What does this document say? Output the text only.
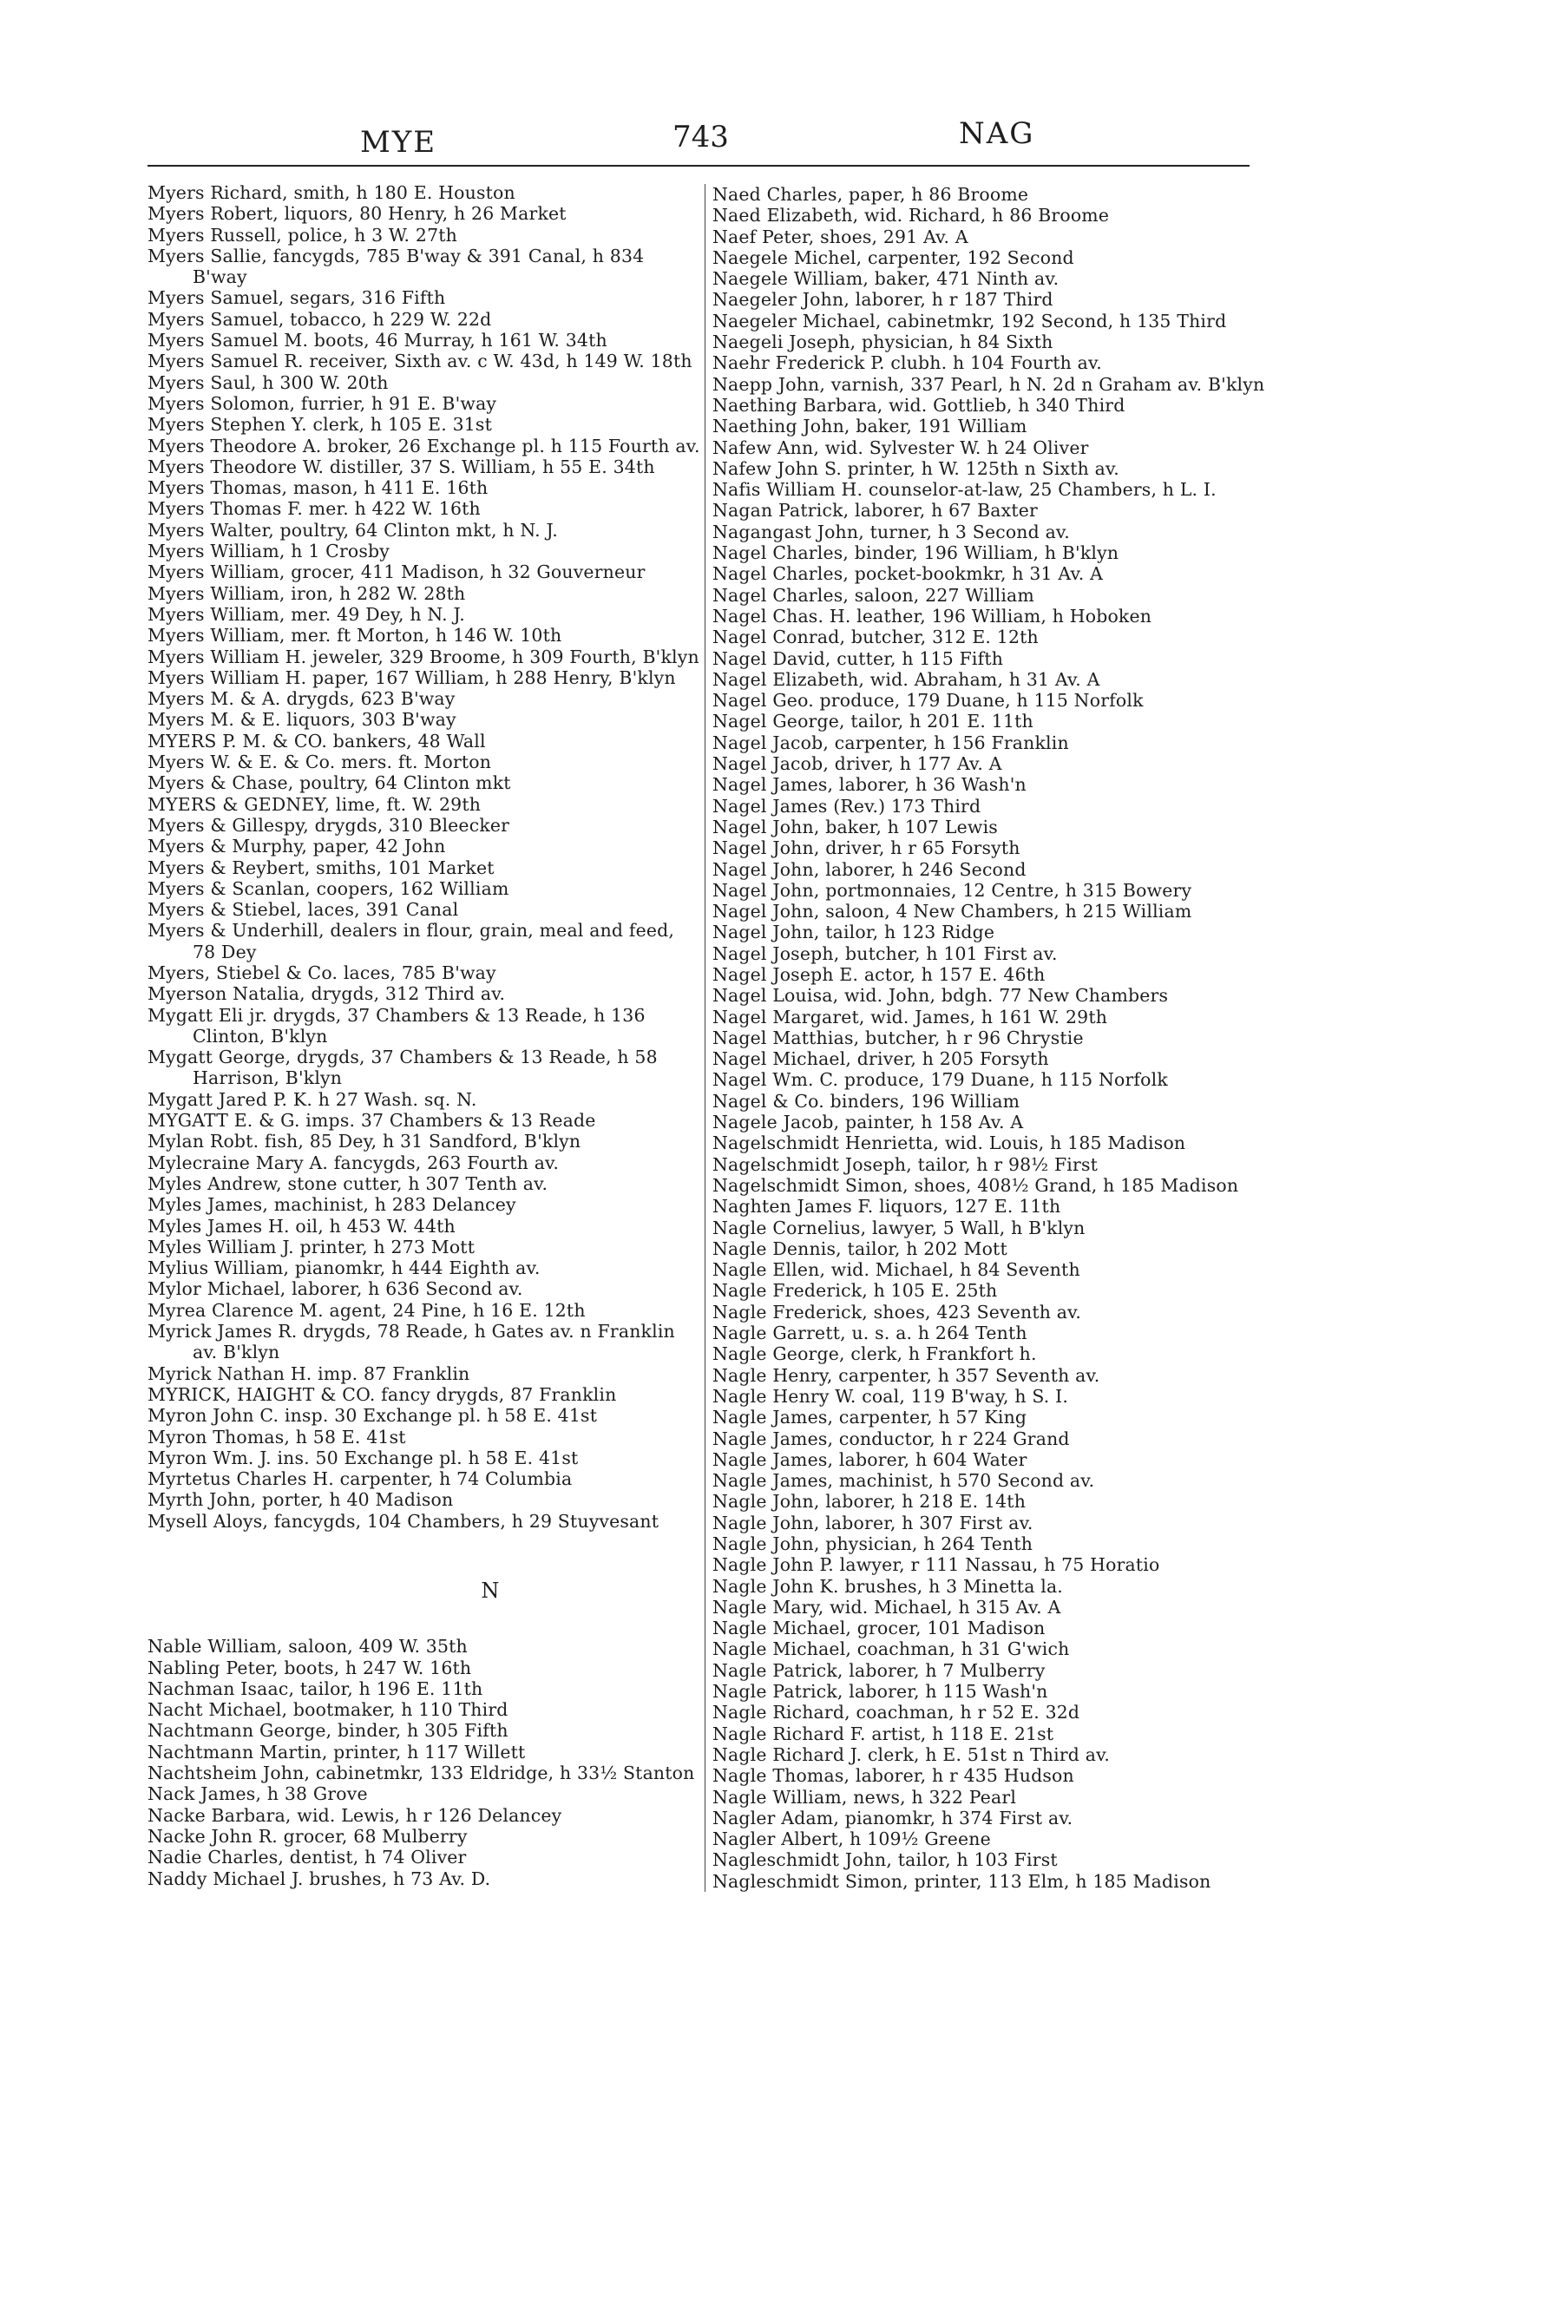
MYE	743	NAG
Myers Richard, smith, h 180 E. Houston
Myers Robert, liquors, 80 Henry, h 26 Market
Myers Russell, police, h 3 W. 27th
Myers Sallie, fancygds, 785 B'way & 391 Canal, h 834 B'way
Myers Samuel, segars, 316 Fifth
Myers Samuel, tobacco, h 229 W. 22d
Myers Samuel M. boots, 46 Murray, h 161 W. 34th
Myers Samuel R. receiver, Sixth av. c W. 43d, h 149 W. 18th
Myers Saul, h 300 W. 20th
Myers Solomon, furrier, h 91 E. B'way
Myers Stephen Y. clerk, h 105 E. 31st
Myers Theodore A. broker, 26 Exchange pl. h 115 Fourth av.
Myers Theodore W. distiller, 37 S. William, h 55 E. 34th
Myers Thomas, mason, h 411 E. 16th
Myers Thomas F. mer. h 422 W. 16th
Myers Walter, poultry, 64 Clinton mkt, h N. J.
Myers William, h 1 Crosby
Myers William, grocer, 411 Madison, h 32 Gouverneur
Myers William, iron, h 282 W. 28th
Myers William, mer. 49 Dey, h N. J.
Myers William, mer. ft Morton, h 146 W. 10th
Myers William H. jeweler, 329 Broome, h 309 Fourth, B'klyn
Myers William H. paper, 167 William, h 288 Henry, B'klyn
Myers M. & A. drygds, 623 B'way
Myers M. & E. liquors, 303 B'way
MYERS P. M. & CO. bankers, 48 Wall
Myers W. & E. & Co. mers. ft. Morton
Myers & Chase, poultry, 64 Clinton mkt
MYERS & GEDNEY, lime, ft. W. 29th
Myers & Gillespy, drygds, 310 Bleecker
Myers & Murphy, paper, 42 John
Myers & Reybert, smiths, 101 Market
Myers & Scanlan, coopers, 162 William
Myers & Stiebel, laces, 391 Canal
Myers & Underhill, dealers in flour, grain, meal and feed, 78 Dey
Myers, Stiebel & Co. laces, 785 B'way
Myerson Natalia, drygds, 312 Third av.
Mygatt Eli jr. drygds, 37 Chambers & 13 Reade, h 136 Clinton, B'klyn
Mygatt George, drygds, 37 Chambers & 13 Reade, h 58 Harrison, B'klyn
Mygatt Jared P. K. h 27 Wash. sq. N.
MYGATT E. & G. imps. 37 Chambers & 13 Reade
Mylan Robt. fish, 85 Dey, h 31 Sandford, B'klyn
Mylecraine Mary A. fancygds, 263 Fourth av.
Myles Andrew, stone cutter, h 307 Tenth av.
Myles James, machinist, h 283 Delancey
Myles James H. oil, h 453 W. 44th
Myles William J. printer, h 273 Mott
Mylius William, pianomkr, h 444 Eighth av.
Mylor Michael, laborer, h 636 Second av.
Myrea Clarence M. agent, 24 Pine, h 16 E. 12th
Myrick James R. drygds, 78 Reade, h Gates av. n Franklin av. B'klyn
Myrick Nathan H. imp. 87 Franklin
MYRICK, HAIGHT & CO. fancy drygds, 87 Franklin
Myron John C. insp. 30 Exchange pl. h 58 E. 41st
Myron Thomas, h 58 E. 41st
Myron Wm. J. ins. 50 Exchange pl. h 58 E. 41st
Myrtetus Charles H. carpenter, h 74 Columbia
Myrth John, porter, h 40 Madison
Mysell Aloys, fancygds, 104 Chambers, h 29 Stuyvesant
N
Nable William, saloon, 409 W. 35th
Nabling Peter, boots, h 247 W. 16th
Nachman Isaac, tailor, h 196 E. 11th
Nacht Michael, bootmaker, h 110 Third
Nachtmann George, binder, h 305 Fifth
Nachtmann Martin, printer, h 117 Willett
Nachtsheim John, cabinetmkr, 133 Eldridge, h 33½ Stanton
Nack James, h 38 Grove
Nacke Barbara, wid. Lewis, h r 126 Delancey
Nacke John R. grocer, 68 Mulberry
Nadie Charles, dentist, h 74 Oliver
Naddy Michael J. brushes, h 73 Av. D.
Naed Charles, paper, h 86 Broome
Naed Elizabeth, wid. Richard, h 86 Broome
Naef Peter, shoes, 291 Av. A
Naegele Michel, carpenter, 192 Second
Naegele William, baker, 471 Ninth av.
Naegeler John, laborer, h r 187 Third
Naegeler Michael, cabinetmkr, 192 Second, h 135 Third
Naegeli Joseph, physician, h 84 Sixth
Naehr Frederick P. clubh. h 104 Fourth av.
Naepp John, varnish, 337 Pearl, h N. 2d n Graham av. B'klyn
Naething Barbara, wid. Gottlieb, h 340 Third
Naething John, baker, 191 William
Nafew Ann, wid. Sylvester W. h 24 Oliver
Nafew John S. printer, h W. 125th n Sixth av.
Nafis William H. counselor-at-law, 25 Chambers, h L. I.
Nagan Patrick, laborer, h 67 Baxter
Nagangast John, turner, h 3 Second av.
Nagel Charles, binder, 196 William, h B'klyn
Nagel Charles, pocket-bookmkr, h 31 Av. A
Nagel Charles, saloon, 227 William
Nagel Chas. H. leather, 196 William, h Hoboken
Nagel Conrad, butcher, 312 E. 12th
Nagel David, cutter, h 115 Fifth
Nagel Elizabeth, wid. Abraham, h 31 Av. A
Nagel Geo. produce, 179 Duane, h 115 Norfolk
Nagel George, tailor, h 201 E. 11th
Nagel Jacob, carpenter, h 156 Franklin
Nagel Jacob, driver, h 177 Av. A
Nagel James, laborer, h 36 Wash'n
Nagel James (Rev.) 173 Third
Nagel John, baker, h 107 Lewis
Nagel John, driver, h r 65 Forsyth
Nagel John, laborer, h 246 Second
Nagel John, portmonnaies, 12 Centre, h 315 Bowery
Nagel John, saloon, 4 New Chambers, h 215 William
Nagel John, tailor, h 123 Ridge
Nagel Joseph, butcher, h 101 First av.
Nagel Joseph E. actor, h 157 E. 46th
Nagel Louisa, wid. John, bdgh. 77 New Chambers
Nagel Margaret, wid. James, h 161 W. 29th
Nagel Matthias, butcher, h r 96 Chrystie
Nagel Michael, driver, h 205 Forsyth
Nagel Wm. C. produce, 179 Duane, h 115 Norfolk
Nagel & Co. binders, 196 William
Nagele Jacob, painter, h 158 Av. A
Nagelschmidt Henrietta, wid. Louis, h 185 Madison
Nagelschmidt Joseph, tailor, h r 98½ First
Nagelschmidt Simon, shoes, 408½ Grand, h 185 Madison
Naghten James F. liquors, 127 E. 11th
Nagle Cornelius, lawyer, 5 Wall, h B'klyn
Nagle Dennis, tailor, h 202 Mott
Nagle Ellen, wid. Michael, h 84 Seventh
Nagle Frederick, h 105 E. 25th
Nagle Frederick, shoes, 423 Seventh av.
Nagle Garrett, u. s. a. h 264 Tenth
Nagle George, clerk, h Frankfort h.
Nagle Henry, carpenter, h 357 Seventh av.
Nagle Henry W. coal, 119 B'way, h S. I.
Nagle James, carpenter, h 57 King
Nagle James, conductor, h r 224 Grand
Nagle James, laborer, h 604 Water
Nagle James, machinist, h 570 Second av.
Nagle John, laborer, h 218 E. 14th
Nagle John, laborer, h 307 First av.
Nagle John, physician, h 264 Tenth
Nagle John P. lawyer, r 111 Nassau, h 75 Horatio
Nagle John K. brushes, h 3 Minetta la.
Nagle Mary, wid. Michael, h 315 Av. A
Nagle Michael, grocer, 101 Madison
Nagle Michael, coachman, h 31 G'wich
Nagle Patrick, laborer, h 7 Mulberry
Nagle Patrick, laborer, h 115 Wash'n
Nagle Richard, coachman, h r 52 E. 32d
Nagle Richard F. artist, h 118 E. 21st
Nagle Richard J. clerk, h E. 51st n Third av.
Nagle Thomas, laborer, h r 435 Hudson
Nagle William, news, h 322 Pearl
Nagler Adam, pianomkr, h 374 First av.
Nagler Albert, h 109½ Greene
Nagleschmidt John, tailor, h 103 First
Nagleschmidt Simon, printer, 113 Elm, h 185 Madison
